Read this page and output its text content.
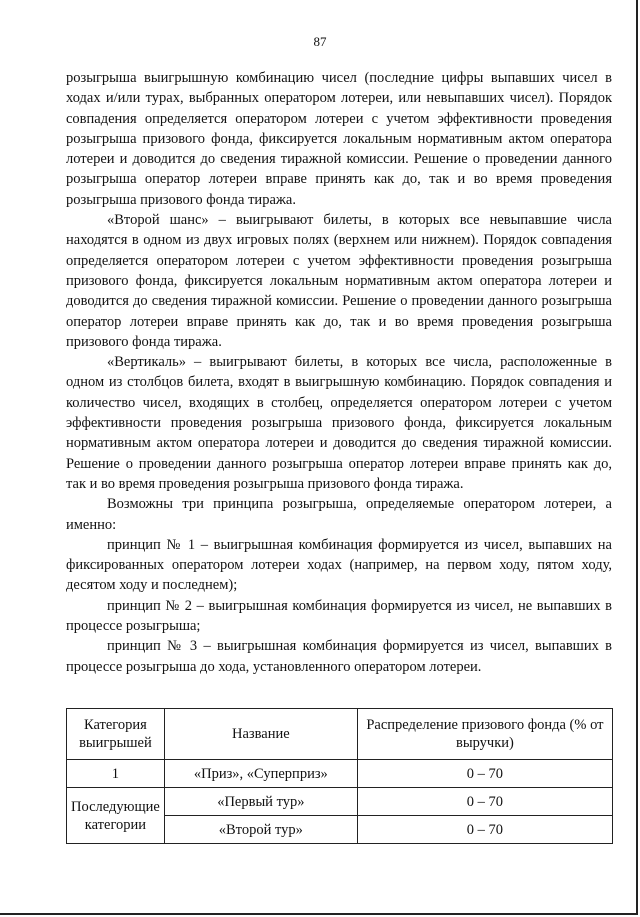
87

розыгрыша выигрышную комбинацию чисел (последние цифры выпавших чисел в ходах и/или турах, выбранных оператором лотереи, или невыпавших чисел). Порядок совпадения определяется оператором лотереи с учетом эффективности проведения розыгрыша призового фонда, фиксируется локальным нормативным актом оператора лотереи и доводится до сведения тиражной комиссии. Решение о проведении данного розыгрыша оператор лотереи вправе принять как до, так и во время проведения розыгрыша призового фонда тиража.

«Второй шанс» – выигрывают билеты, в которых все невыпавшие числа находятся в одном из двух игровых полях (верхнем или нижнем). Порядок совпадения определяется оператором лотереи с учетом эффективности проведения розыгрыша призового фонда, фиксируется локальным нормативным актом оператора лотереи и доводится до сведения тиражной комиссии. Решение о проведении данного розыгрыша оператор лотереи вправе принять как до, так и во время проведения розыгрыша призового фонда тиража.

«Вертикаль» – выигрывают билеты, в которых все числа, расположенные в одном из столбцов билета, входят в выигрышную комбинацию. Порядок совпадения и количество чисел, входящих в столбец, определяется оператором лотереи с учетом эффективности проведения розыгрыша призового фонда, фиксируется локальным нормативным актом оператора лотереи и доводится до сведения тиражной комиссии. Решение о проведении данного розыгрыша оператор лотереи вправе принять как до, так и во время проведения розыгрыша призового фонда тиража.

Возможны три принципа розыгрыша, определяемые оператором лотереи, а именно:

принцип № 1 – выигрышная комбинация формируется из чисел, выпавших на фиксированных оператором лотереи ходах (например, на первом ходу, пятом ходу, десятом ходу и последнем);

принцип № 2 – выигрышная комбинация формируется из чисел, не выпавших в процессе розыгрыша;

принцип № 3 – выигрышная комбинация формируется из чисел, выпавших в процессе розыгрыша до хода, установленного оператором лотереи.

Категория выигрышей	Название	Распределение призового фонда (% от выручки)
1	«Приз», «Суперприз»	0 – 70
Последующие категории	«Первый тур»	0 – 70
	«Второй тур»	0 – 70
